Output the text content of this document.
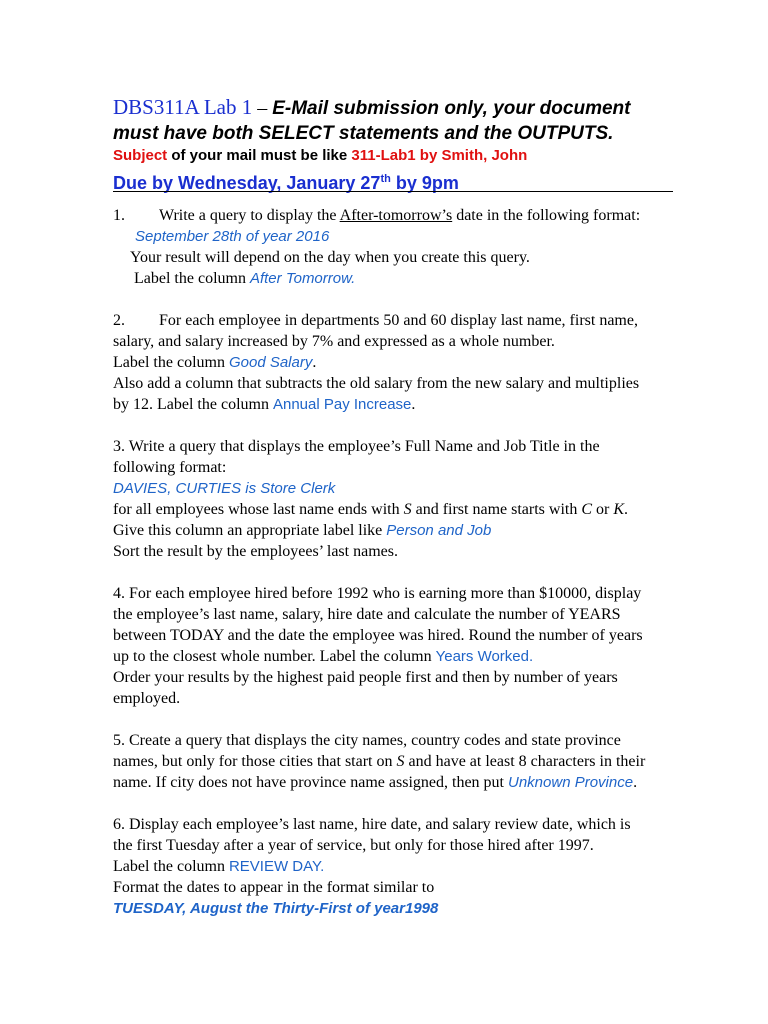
DBS311A Lab 1 – E-Mail submission only, your document must have both SELECT statements and the OUTPUTS.
Subject of your mail must be like 311-Lab1 by Smith, John
Due by Wednesday, January 27th by 9pm
1. Write a query to display the After-tomorrow’s date in the following format:
September 28th of year 2016
Your result will depend on the day when you create this query.
Label the column After Tomorrow.
2. For each employee in departments 50 and 60 display last name, first name,
salary, and salary increased by 7% and expressed as a whole number.
Label the column Good Salary.
Also add a column that subtracts the old salary from the new salary and multiplies
by 12. Label the column Annual Pay Increase.
3. Write a query that displays the employee’s Full Name and Job Title in the
following format:
DAVIES, CURTIES is Store Clerk
for all employees whose last name ends with S and first name starts with C or K.
Give this column an appropriate label like Person and Job
Sort the result by the employees’ last names.
4. For each employee hired before 1992 who is earning more than $10000, display
the employee’s last name, salary, hire date and calculate the number of YEARS
between TODAY and the date the employee was hired. Round the number of years
up to the closest whole number. Label the column Years Worked.
Order your results by the highest paid people first and then by number of years
employed.
5. Create a query that displays the city names, country codes and state province
names, but only for those cities that start on S and have at least 8 characters in their
name. If city does not have province name assigned, then put Unknown Province.
6. Display each employee’s last name, hire date, and salary review date, which is
the first Tuesday after a year of service, but only for those hired after 1997.
Label the column REVIEW DAY.
Format the dates to appear in the format similar to
TUESDAY, August the Thirty-First of year1998
